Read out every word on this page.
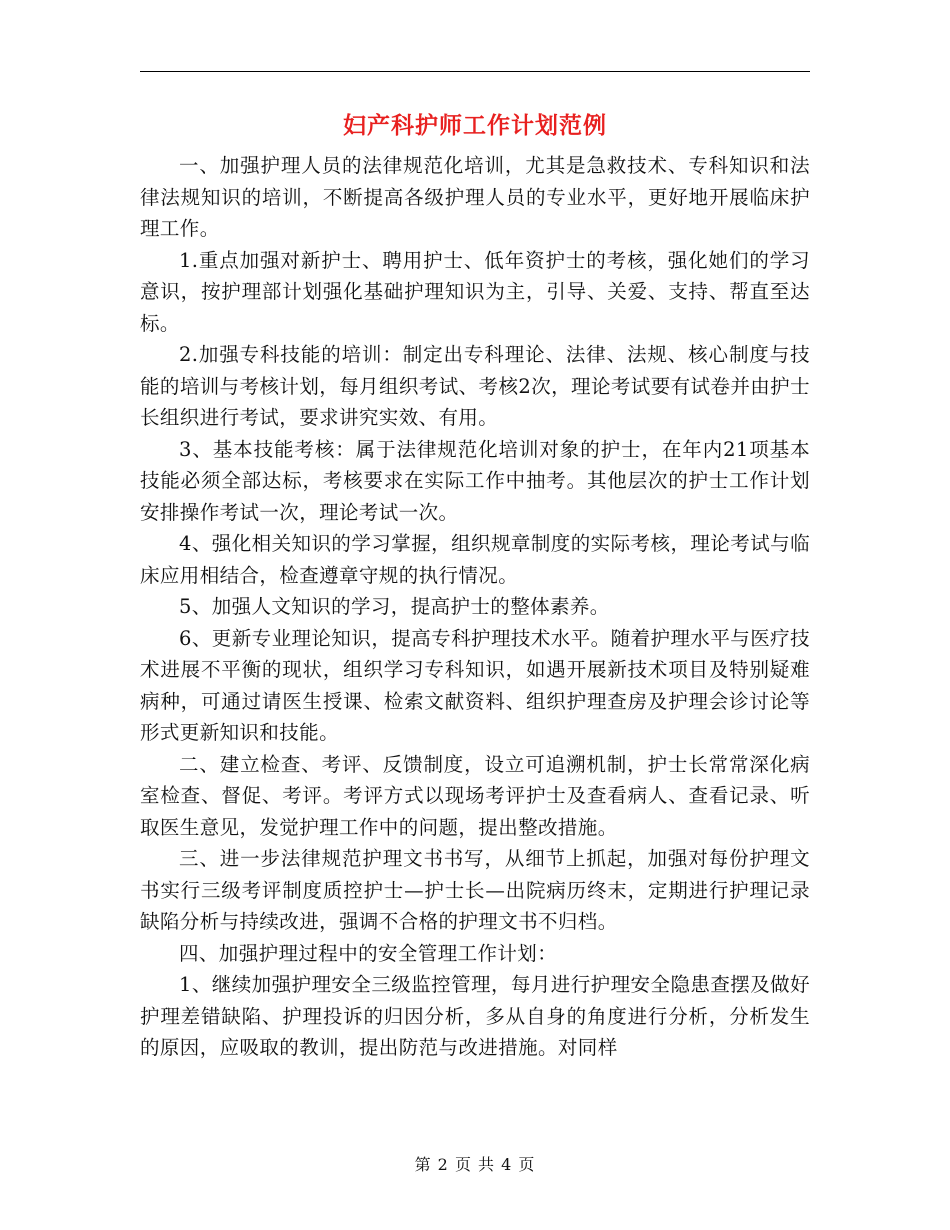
妇产科护师工作计划范例

一、加强护理人员的法律规范化培训，尤其是急救技术、专科知识和法律法规知识的培训，不断提高各级护理人员的专业水平，更好地开展临床护理工作。

1.重点加强对新护士、聘用护士、低年资护士的考核，强化她们的学习意识，按护理部计划强化基础护理知识为主，引导、关爱、支持、帮直至达标。

2.加强专科技能的培训：制定出专科理论、法律、法规、核心制度与技能的培训与考核计划，每月组织考试、考核2次，理论考试要有试卷并由护士长组织进行考试，要求讲究实效、有用。

3、基本技能考核：属于法律规范化培训对象的护士，在年内21项基本技能必须全部达标，考核要求在实际工作中抽考。其他层次的护士工作计划安排操作考试一次，理论考试一次。

4、强化相关知识的学习掌握，组织规章制度的实际考核，理论考试与临床应用相结合，检查遵章守规的执行情况。

5、加强人文知识的学习，提高护士的整体素养。

6、更新专业理论知识，提高专科护理技术水平。随着护理水平与医疗技术进展不平衡的现状，组织学习专科知识，如遇开展新技术项目及特别疑难病种，可通过请医生授课、检索文献资料、组织护理查房及护理会诊讨论等形式更新知识和技能。

二、建立检查、考评、反馈制度，设立可追溯机制，护士长常常深化病室检查、督促、考评。考评方式以现场考评护士及查看病人、查看记录、听取医生意见，发觉护理工作中的问题，提出整改措施。

三、进一步法律规范护理文书书写，从细节上抓起，加强对每份护理文书实行三级考评制度质控护士—护士长—出院病历终末，定期进行护理记录缺陷分析与持续改进，强调不合格的护理文书不归档。

四、加强护理过程中的安全管理工作计划：

1、继续加强护理安全三级监控管理，每月进行护理安全隐患查摆及做好护理差错缺陷、护理投诉的归因分析，多从自身的角度进行分析，分析发生的原因，应吸取的教训，提出防范与改进措施。对同样

第 2 页 共 4 页
